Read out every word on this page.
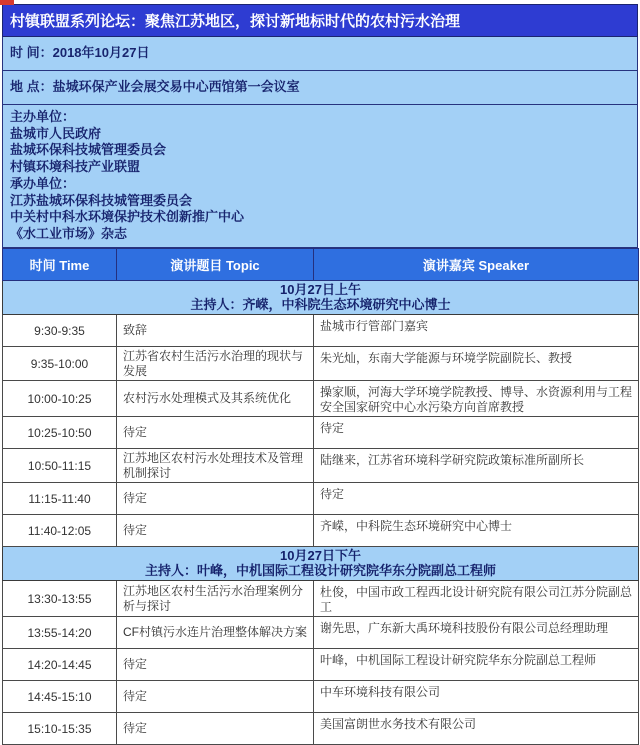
村镇联盟系列论坛：聚焦江苏地区，探讨新地标时代的农村污水治理
时 间：2018年10月27日
地 点：盐城环保产业会展交易中心西馆第一会议室
主办单位：
盐城市人民政府
盐城环保科技城管理委员会
村镇环境科技产业联盟
承办单位：
江苏盐城环保科技城管理委员会
中关村中科水环境保护技术创新推广中心
《水工业市场》杂志
时间 Time	演讲题目 Topic	演讲嘉宾 Speaker

10月27日上午
主持人：齐嵘，中科院生态环境研究中心博士		

9:30-9:35	致辞	盐城市行管部门嘉宾
9:35-10:00	江苏省农村生活污水治理的现状与发展	朱光灿，东南大学能源与环境学院副院长、教授
10:00-10:25	农村污水处理模式及其系统优化	操家顺，河海大学环境学院教授、博导、水资源利用与工程安全国家研究中心水污染方向首席教授
10:25-10:50	待定	待定
10:50-11:15	江苏地区农村污水处理技术及管理机制探讨	陆继来，江苏省环境科学研究院政策标准所副所长
11:15-11:40	待定	待定
11:40-12:05	待定	齐嵘，中科院生态环境研究中心博士

10月27日下午
主持人：叶峰，中机国际工程设计研究院华东分院副总工程师		

13:30-13:55	江苏地区农村生活污水治理案例分析与探讨	杜俊，中国市政工程西北设计研究院有限公司江苏分院副总工
13:55-14:20	CF村镇污水连片治理整体解决方案	谢先思，广东新大禹环境科技股份有限公司总经理助理
14:20-14:45	待定	叶峰，中机国际工程设计研究院华东分院副总工程师
14:45-15:10	待定	中车环境科技有限公司
15:10-15:35	待定	美国富朗世水务技术有限公司
